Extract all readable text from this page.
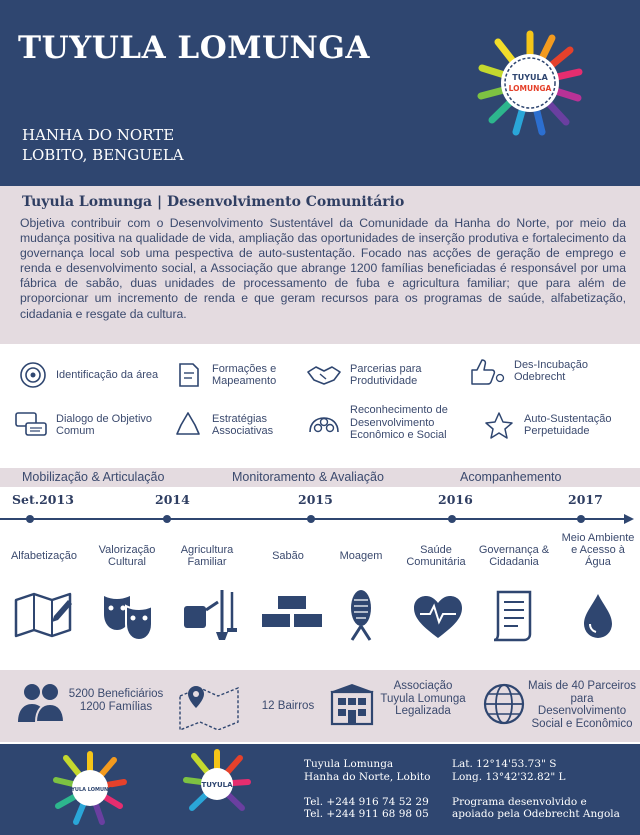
TUYULA LOMUNGA
HANHA DO NORTE
LOBITO, BENGUELA
TUYULA
LOMUNGA
Tuyula Lomunga | Desenvolvimento Comunitário
Objetiva contribuir com o Desenvolvimento Sustentável da Comunidade da Hanha do Norte, por meio da mudança positiva na qualidade de vida, ampliação das oportunidades de inserção produtiva e fortalecimento da governança local sob uma pespectiva de auto-sustentação. Focado nas acções de geração de emprego e renda e desenvolvimento social, a Associação que abrange 1200 famílias beneficiadas é responsável por uma fábrica de sabão, duas unidades de processamento de fuba e agricultura familiar; que para além de proporcionar um incremento de renda e que geram recursos para os programas de saúde, alfabetização, cidadania e resgate da cultura.
Identificação da área
Formações e Mapeamento
Parcerias para Produtividade
Des-Incubação Odebrecht
Dialogo de Objetivo Comum
Estratégias Associativas
Reconhecimento de Desenvolvimento Econômico e Social
Auto-Sustentação Perpetuidade
Mobilização & Articulação	Monitoramento & Avaliação	Acompanhemento
Set.2013	2014	2015	2016	2017
Alfabetização	Valorização Cultural
Agricultura Familiar	Sabão	Moagem	Saúde Comunitária
Governança & Cidadania
Meio Ambiente e Acesso à Água
5200 Beneficiários
1200 Famílias	12 Bairros
Associação Tuyula Lomunga Legalizada
Mais de 40 Parceiros para Desenvolvimento Social e Econômico
TUYULA LOMUNGA
TUYULA
Tuyula Lomunga
Hanha do Norte, Lobito
Tel. +244 916 74 52 29
Tel. +244 911 68 98 05
Lat. 12°14'53.73" S
Long. 13°42'32.82" L
Programa desenvolvido e
apoiado pela Odebrecht Angola
